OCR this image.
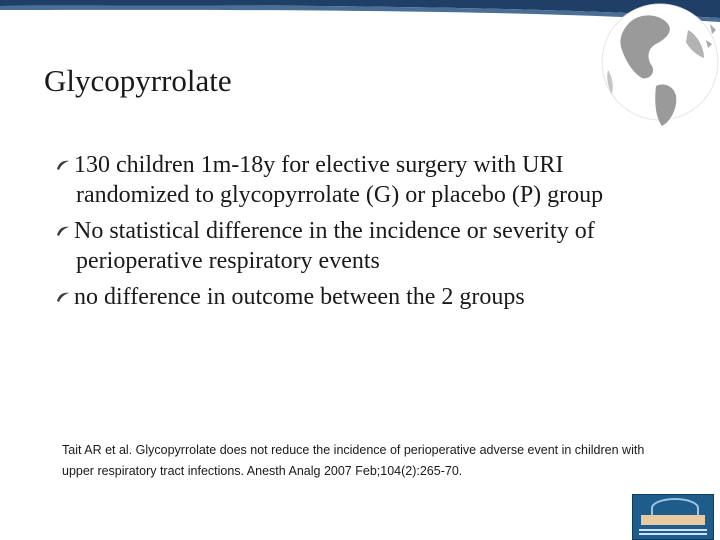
Glycopyrrolate
130 children 1m-18y for elective surgery with URI randomized to glycopyrrolate (G) or placebo (P) group
No statistical difference in the incidence or severity of perioperative respiratory events
no difference in outcome between the 2 groups
Tait AR et al. Glycopyrrolate does not reduce the incidence of perioperative adverse event in children with
upper respiratory tract infections. Anesth Analg 2007 Feb;104(2):265-70.
